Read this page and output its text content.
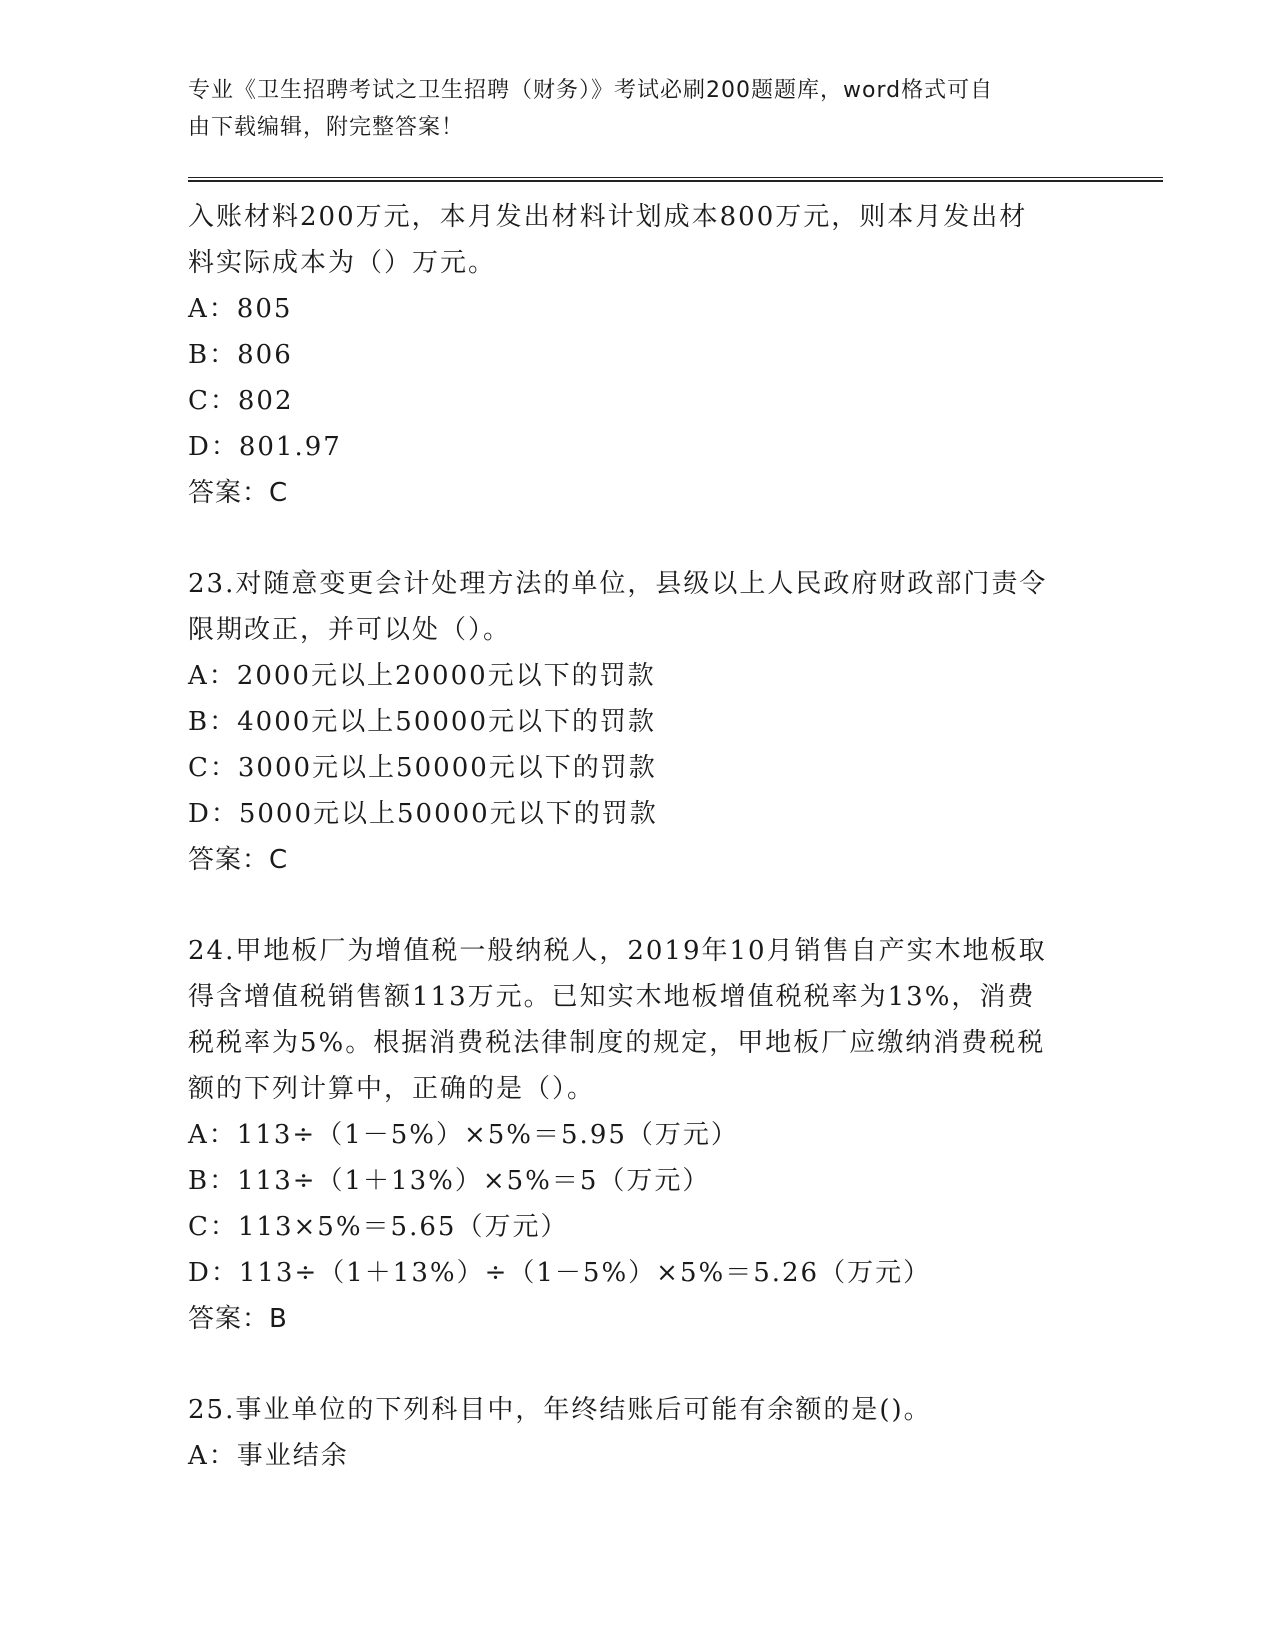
专业《卫生招聘考试之卫生招聘（财务）》考试必刷200题题库，word格式可自
由下载编辑，附完整答案！
入账材料200万元，本月发出材料计划成本800万元，则本月发出材
料实际成本为（）万元。
A：805
B：806
C：802
D：801.97
答案：C
23.对随意变更会计处理方法的单位，县级以上人民政府财政部门责令
限期改正，并可以处（）。
A：2000元以上20000元以下的罚款
B：4000元以上50000元以下的罚款
C：3000元以上50000元以下的罚款
D：5000元以上50000元以下的罚款
答案：C
24.甲地板厂为增值税一般纳税人，2019年10月销售自产实木地板取
得含增值税销售额113万元。已知实木地板增值税税率为13%，消费
税税率为5%。根据消费税法律制度的规定，甲地板厂应缴纳消费税税
额的下列计算中，正确的是（）。
A：113÷（1－5%）×5%＝5.95（万元）
B：113÷（1＋13%）×5%＝5（万元）
C：113×5%＝5.65（万元）
D：113÷（1＋13%）÷（1－5%）×5%＝5.26（万元）
答案：B
25.事业单位的下列科目中，年终结账后可能有余额的是()。
A：事业结余
